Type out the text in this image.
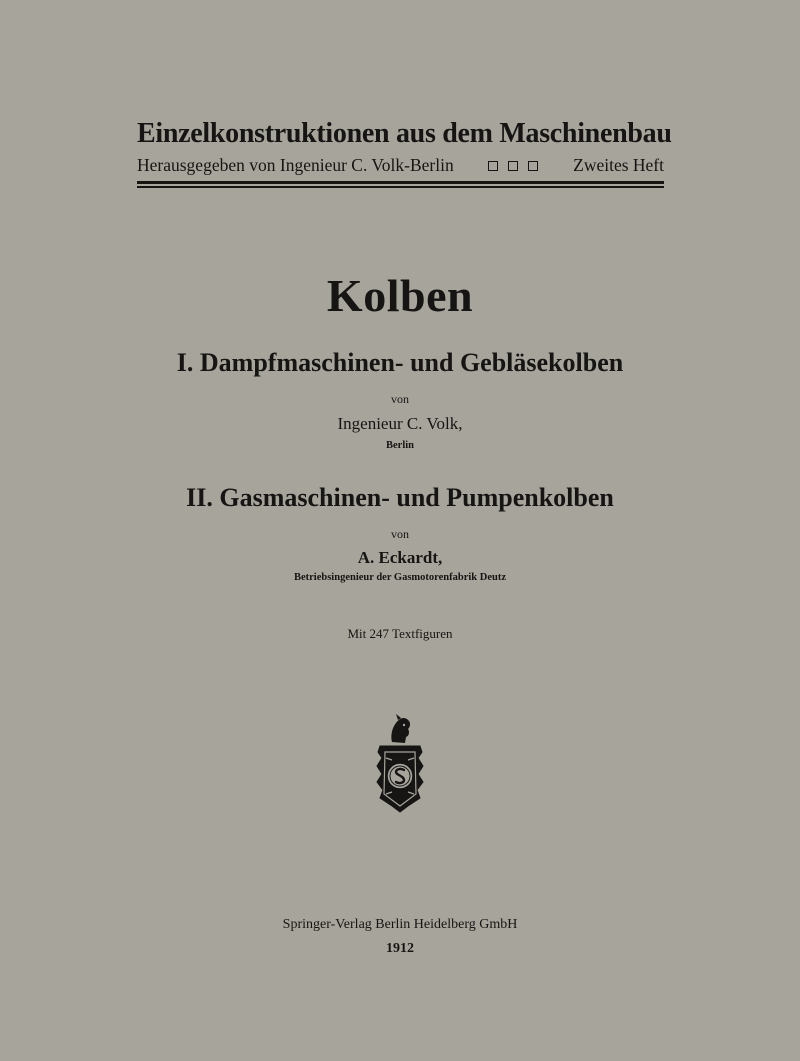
Einzelkonstruktionen aus dem Maschinenbau
Herausgegeben von Ingenieur C. Volk-Berlin	Zweites Heft
Kolben
I. Dampfmaschinen- und Gebläsekolben
von
Ingenieur C. Volk,
Berlin
II. Gasmaschinen- und Pumpenkolben
von
A. Eckardt,
Betriebsingenieur der Gasmotorenfabrik Deutz
Mit 247 Textfiguren
Springer-Verlag Berlin Heidelberg GmbH
1912
